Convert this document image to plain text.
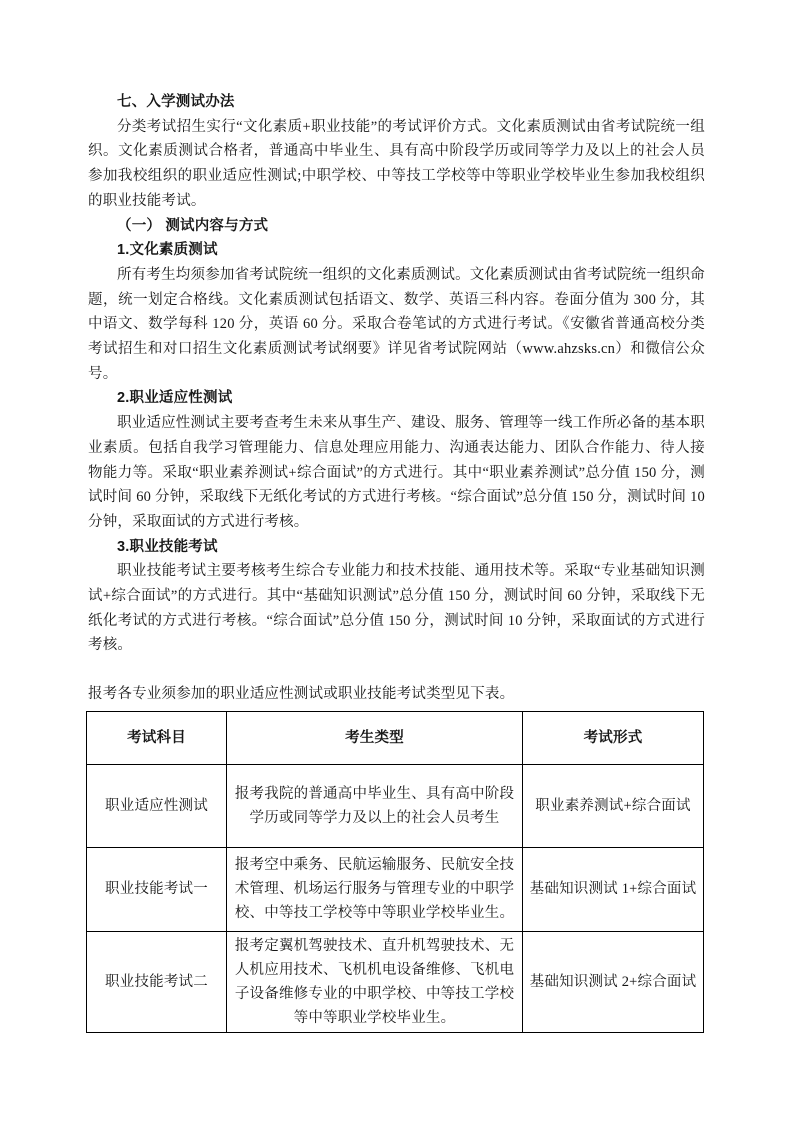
七、入学测试办法

分类考试招生实行“文化素质+职业技能”的考试评价方式。文化素质测试由省考试院统一组织。文化素质测试合格者，普通高中毕业生、具有高中阶段学历或同等学力及以上的社会人员参加我校组织的职业适应性测试;中职学校、中等技工学校等中等职业学校毕业生参加我校组织的职业技能考试。

（一） 测试内容与方式
1.文化素质测试

所有考生均须参加省考试院统一组织的文化素质测试。文化素质测试由省考试院统一组织命题，统一划定合格线。文化素质测试包括语文、数学、英语三科内容。卷面分值为 300 分，其中语文、数学每科 120 分，英语 60 分。采取合卷笔试的方式进行考试。《安徽省普通高校分类考试招生和对口招生文化素质测试考试纲要》详见省考试院网站（www.ahzsks.cn）和微信公众号。

2.职业适应性测试

职业适应性测试主要考查考生未来从事生产、建设、服务、管理等一线工作所必备的基本职业素质。包括自我学习管理能力、信息处理应用能力、沟通表达能力、团队合作能力、待人接物能力等。采取“职业素养测试+综合面试”的方式进行。其中“职业素养测试”总分值 150 分，测试时间 60 分钟，采取线下无纸化考试的方式进行考核。“综合面试”总分值 150 分，测试时间 10 分钟，采取面试的方式进行考核。

3.职业技能考试

职业技能考试主要考核考生综合专业能力和技术技能、通用技术等。采取“专业基础知识测试+综合面试”的方式进行。其中“基础知识测试”总分值 150 分，测试时间 60 分钟，采取线下无纸化考试的方式进行考核。“综合面试”总分值 150 分，测试时间 10 分钟，采取面试的方式进行考核。

报考各专业须参加的职业适应性测试或职业技能考试类型见下表。

考试科目	考生类型	考试形式
职业适应性测试	报考我院的普通高中毕业生、具有高中阶段学历或同等学力及以上的社会人员考生	职业素养测试+综合面试
职业技能考试一	报考空中乘务、民航运输服务、民航安全技术管理、机场运行服务与管理专业的中职学校、中等技工学校等中等职业学校毕业生。	基础知识测试 1+综合面试
职业技能考试二	报考定翼机驾驶技术、直升机驾驶技术、无人机应用技术、飞机机电设备维修、飞机电子设备维修专业的中职学校、中等技工学校等中等职业学校毕业生。	基础知识测试 2+综合面试
